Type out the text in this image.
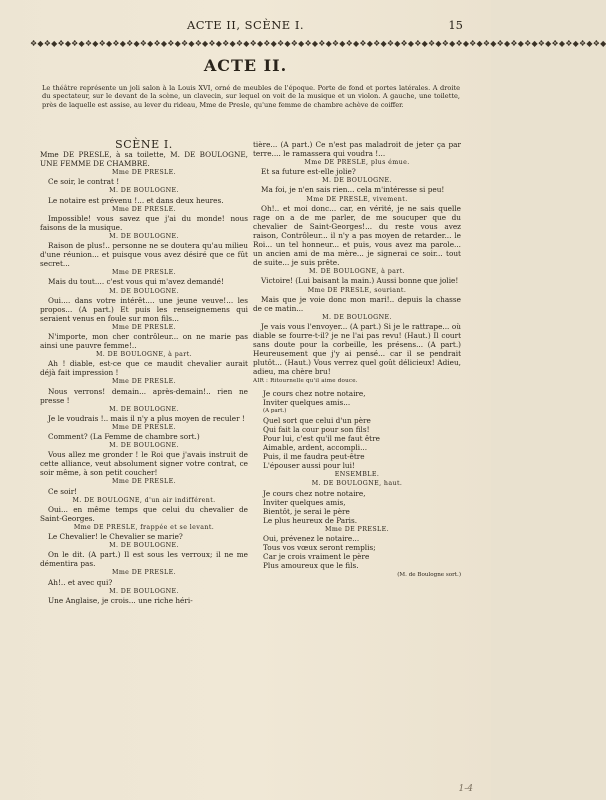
ACTE II, SCÈNE I.	15
❖◆❖◆❖◆❖◆❖◆❖◆❖◆❖◆❖◆❖◆❖◆❖◆❖◆❖◆❖◆❖◆❖◆❖◆❖◆❖◆❖◆❖◆❖◆❖◆❖◆❖◆❖◆❖◆❖◆❖◆❖◆❖◆❖◆❖◆❖◆❖◆❖◆❖◆❖◆❖◆❖◆❖◆
ACTE II.
Le théâtre représente un joli salon à la Louis XVI, orné de meubles de l'époque. Porte de fond et portes latérales. A droite du spectateur, sur le devant de la scène, un clavecin, sur lequel on voit de la musique et un violon. A gauche, une toilette, près de laquelle est assise, au lever du rideau, Mme de Presle, qu'une femme de chambre achève de coiffer.
SCÈNE I.
Mme DE PRESLE, à sa toilette, M. DE BOULOGNE, UNE FEMME DE CHAMBRE.
Mme DE PRESLE.
Ce soir, le contrat !
M. DE BOULOGNE.
Le notaire est prévenu !... et dans deux heures.
Mme DE PRESLE.
Impossible! vous savez que j'ai du monde! nous faisons de la musique.
M. DE BOULOGNE.
Raison de plus!.. personne ne se doutera qu'au milieu d'une réunion... et puisque vous avez désiré que ce fût secret...
Mme DE PRESLE.
Mais du tout.... c'est vous qui m'avez demandé!
M. DE BOULOGNE.
Oui.... dans votre intérêt.... une jeune veuve!... les propos... (A part.) Et puis les renseignemens qui seraient venus en foule sur mon fils...
Mme DE PRESLE.
N'importe, mon cher contrôleur... on ne marie pas ainsi une pauvre femme!..
M. DE BOULOGNE, à part.
Ah ! diable, est-ce que ce maudit chevalier aurait déjà fait impression !
Mme DE PRESLE.
Nous verrons! demain... après-demain!.. rien ne presse !
M. DE BOULOGNE.
Je le voudrais !.. mais il n'y a plus moyen de reculer !
Mme DE PRESLE.
Comment? (La Femme de chambre sort.)
M. DE BOULOGNE.
Vous allez me gronder ! le Roi que j'avais instruit de cette alliance, veut absolument signer votre contrat, ce soir même, à son petit coucher!
Mme DE PRESLE.
Ce soir!
M. DE BOULOGNE, d'un air indifférent.
Oui... en même temps que celui du chevalier de Saint-Georges.
Mme DE PRESLE, frappée et se levant.
Le Chevalier! le Chevalier se marie?
M. DE BOULOGNE.
On le dit. (A part.) Il est sous les verroux; il ne me démentira pas.
Mme DE PRESLE.
Ah!.. et avec qui?
M. DE BOULOGNE.
Une Anglaise, je crois... une riche héri-
tière... (A part.) Ce n'est pas maladroit de jeter ça par terre.... le ramassera qui voudra !...
Mme DE PRESLE, plus émue.
Et sa future est-elle jolie?
M. DE BOULOGNE.
Ma foi, je n'en sais rien... cela m'intéresse si peu!
Mme DE PRESLE, vivement.
Oh!.. et moi donc... car, en vérité, je ne sais quelle rage on a de me parler, de me soucuper que du chevalier de Saint-Georges!... du reste vous avez raison, Contrôleur... il n'y a pas moyen de retarder... le Roi... un tel honneur... et puis, vous avez ma parole... un ancien ami de ma mère... je signerai ce soir... tout de suite... je suis prête.
M. DE BOULOGNE, à part.
Victoire! (Lui baisant la main.) Aussi bonne que jolie!
Mme DE PRESLE, souriant.
Mais que je voie donc mon mari!.. depuis la chasse de ce matin...
M. DE BOULOGNE.
Je vais vous l'envoyer... (A part.) Si je le rattrape... où diable se fourre-t-il? je ne l'ai pas revu! (Haut.) Il court sans doute pour la corbeille, les présens... (A part.) Heureusement que j'y ai pensé... car il se pendrait plutôt... (Haut.) Vous verrez quel goût délicieux! Adieu, adieu, ma chère bru!
AIR : Ritournelle qu'il aime douce.
Je cours chez notre notaire,
Inviter quelques amis...
(A part.)
Quel sort que celui d'un père
Qui fait la cour pour son fils!
Pour lui, c'est qu'il me faut être
Aimable, ardent, accompli...
Puis, il me faudra peut-être
L'épouser aussi pour lui!
ENSEMBLE.
M. DE BOULOGNE, haut.
Je cours chez notre notaire,
Inviter quelques amis,
Bientôt, je serai le père
Le plus heureux de Paris.
Mme DE PRESLE.
Oui, prévenez le notaire...
Tous vos vœux seront remplis;
Car je crois vraiment le père
Plus amoureux que le fils.
(M. de Boulogne sort.)
1-4
